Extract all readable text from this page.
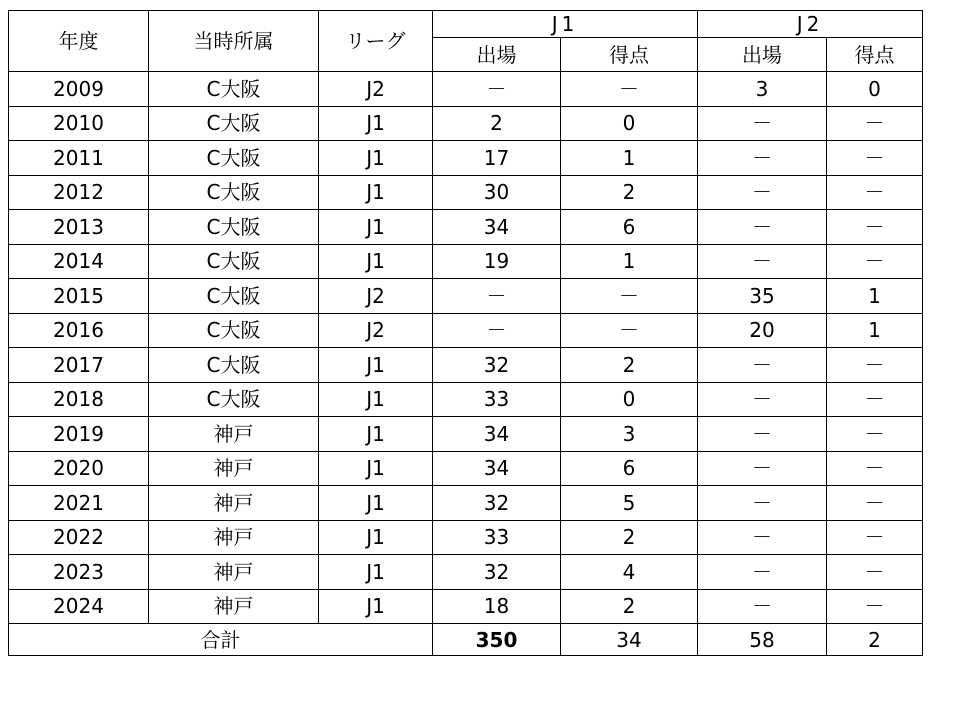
年度	当時所属	リーグ	J1		J2	
			出場	得点	出場	得点
2009	C大阪	J2	－	－	3	0
2010	C大阪	J1	2	0	－	－
2011	C大阪	J1	17	1	－	－
2012	C大阪	J1	30	2	－	－
2013	C大阪	J1	34	6	－	－
2014	C大阪	J1	19	1	－	－
2015	C大阪	J2	－	－	35	1
2016	C大阪	J2	－	－	20	1
2017	C大阪	J1	32	2	－	－
2018	C大阪	J1	33	0	－	－
2019	神戸	J1	34	3	－	－
2020	神戸	J1	34	6	－	－
2021	神戸	J1	32	5	－	－
2022	神戸	J1	33	2	－	－
2023	神戸	J1	32	4	－	－
2024	神戸	J1	18	2	－	－
合計			350	34	58	2
